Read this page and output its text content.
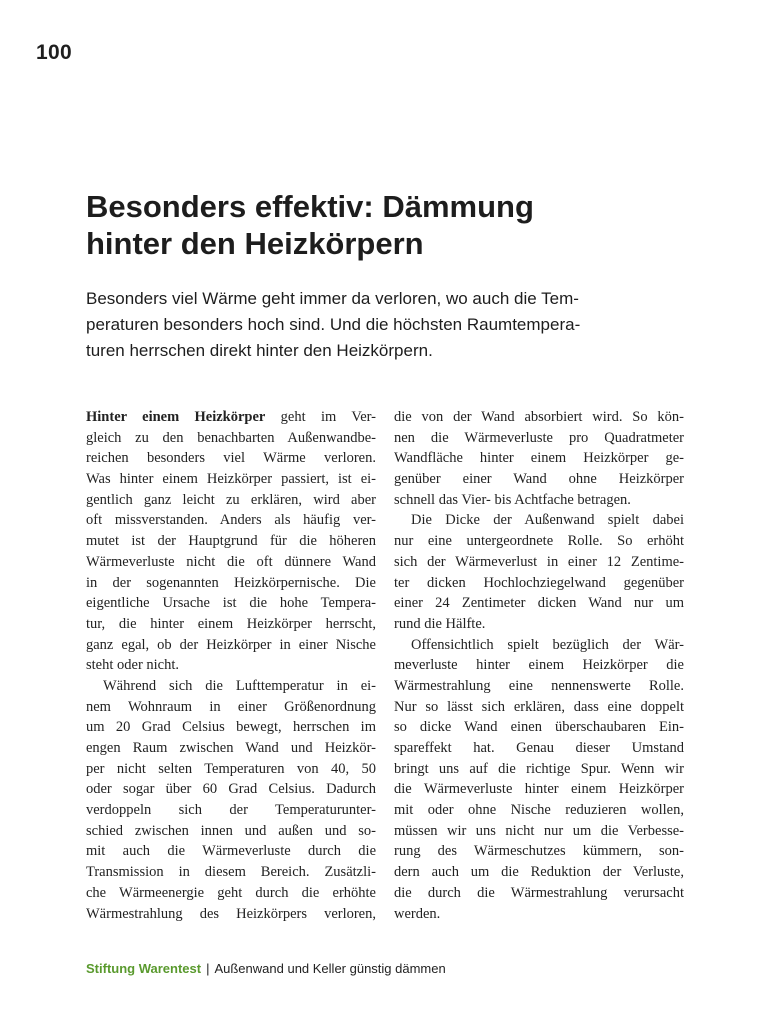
100
Besonders effektiv: Dämmung
hinter den Heizkörpern

Besonders viel Wärme geht immer da verloren, wo auch die Tem-
peraturen besonders hoch sind. Und die höchsten Raumtempera-
turen herrschen direkt hinter den Heizkörpern.

Hinter einem Heizkörper geht im Ver-
gleich zu den benachbarten Außenwandbe-
reichen besonders viel Wärme verloren.
Was hinter einem Heizkörper passiert, ist ei-
gentlich ganz leicht zu erklären, wird aber
oft missverstanden. Anders als häufig ver-
mutet ist der Hauptgrund für die höheren
Wärmeverluste nicht die oft dünnere Wand
in der sogenannten Heizkörpernische. Die
eigentliche Ursache ist die hohe Tempera-
tur, die hinter einem Heizkörper herrscht,
ganz egal, ob der Heizkörper in einer Nische
steht oder nicht.
Während sich die Lufttemperatur in ei-
nem Wohnraum in einer Größenordnung
um 20 Grad Celsius bewegt, herrschen im
engen Raum zwischen Wand und Heizkör-
per nicht selten Temperaturen von 40, 50
oder sogar über 60 Grad Celsius. Dadurch
verdoppeln sich der Temperaturunter-
schied zwischen innen und außen und so-
mit auch die Wärmeverluste durch die
Transmission in diesem Bereich. Zusätzli-
che Wärmeenergie geht durch die erhöhte
Wärmestrahlung des Heizkörpers verloren,
die von der Wand absorbiert wird. So kön-
nen die Wärmeverluste pro Quadratmeter
Wandfläche hinter einem Heizkörper ge-
genüber einer Wand ohne Heizkörper
schnell das Vier- bis Achtfache betragen.
Die Dicke der Außenwand spielt dabei
nur eine untergeordnete Rolle. So erhöht
sich der Wärmeverlust in einer 12 Zentime-
ter dicken Hochlochziegelwand gegenüber
einer 24 Zentimeter dicken Wand nur um
rund die Hälfte.
Offensichtlich spielt bezüglich der Wär-
meverluste hinter einem Heizkörper die
Wärmestrahlung eine nennenswerte Rolle.
Nur so lässt sich erklären, dass eine doppelt
so dicke Wand einen überschaubaren Ein-
spareffekt hat. Genau dieser Umstand
bringt uns auf die richtige Spur. Wenn wir
die Wärmeverluste hinter einem Heizkörper
mit oder ohne Nische reduzieren wollen,
müssen wir uns nicht nur um die Verbesse-
rung des Wärmeschutzes kümmern, son-
dern auch um die Reduktion der Verluste,
die durch die Wärmestrahlung verursacht
werden.
Stiftung Warentest | Außenwand und Keller günstig dämmen
